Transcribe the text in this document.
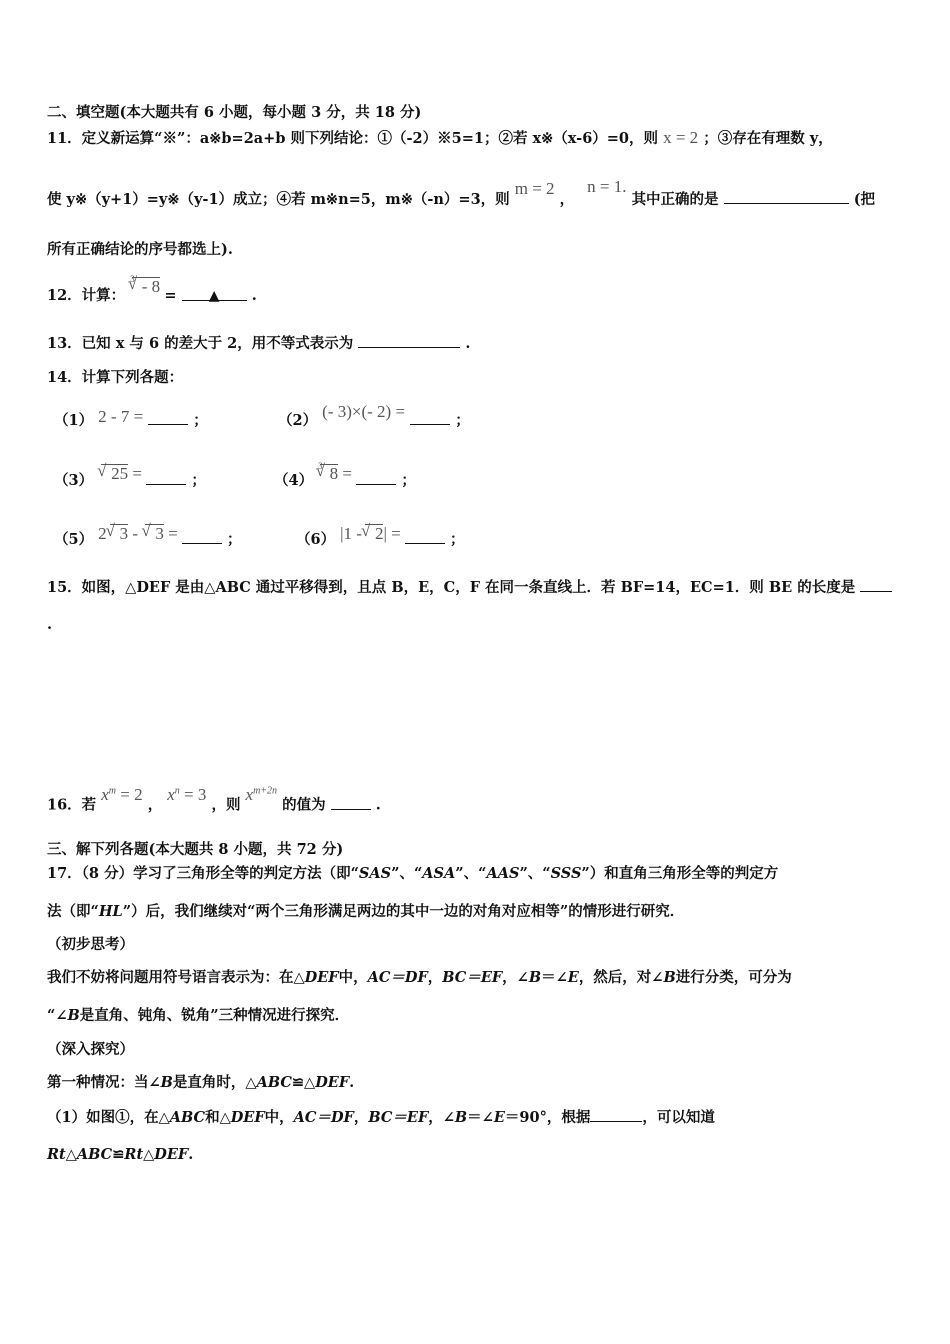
二、填空题(本大题共有 6 小题，每小题 3 分，共 18 分)
11．定义新运算“※”：a※b=2a+b 则下列结论：①（-2）※5=1；②若 x※（x-6）=0，则 x = 2 ；③存在有理数 y，
使 y※（y+1）=y※（y-1）成立；④若 m※n=5，m※（-n）=3，则 m = 2 ， n = 1. 其中正确的是	(把
所有正确结论的序号都选上).
12．计算： $^3$ √ - 8 = ▲ .
13．已知 x 与 6 的差大于 2，用不等式表示为	.
14．计算下列各题：
（1） 2 - 7 =	；	（2） (- 3)×(- 2) =	；
（3） √ 25 =	；	（4） $^3$ √ 8 =	；
（5） 2 √ 3 - √ 3 =	；	（6） |1 - √ 2| =	；
15．如图，△DEF 是由△ABC 通过平移得到，且点 B，E，C，F 在同一条直线上．若 BF=14，EC=1．则 BE 的长度是
.
16．若 $x^m = 2$ ， $x^n = 3$ ，则 $x^{m+2n}$ 的值为	.
三、解下列各题(本大题共 8 小题，共 72 分)
17．（8 分）学习了三角形全等的判定方法（即“SAS”、“ASA”、“AAS”、“SSS”）和直角三角形全等的判定方
法（即“HL”）后，我们继续对“两个三角形满足两边的其中一边的对角对应相等”的情形进行研究．
（初步思考）
我们不妨将问题用符号语言表示为：在△DEF中，AC＝DF，BC＝EF，∠B＝∠E，然后，对∠B进行分类，可分为
“∠B是直角、钝角、锐角”三种情况进行探究．
（深入探究）
第一种情况：当∠B是直角时，△ABC≌△DEF.
（1）如图①，在△ABC和△DEF中，AC＝DF，BC＝EF，∠B＝∠E＝90°，根据	，可以知道
Rt△ABC≌Rt△DEF.
